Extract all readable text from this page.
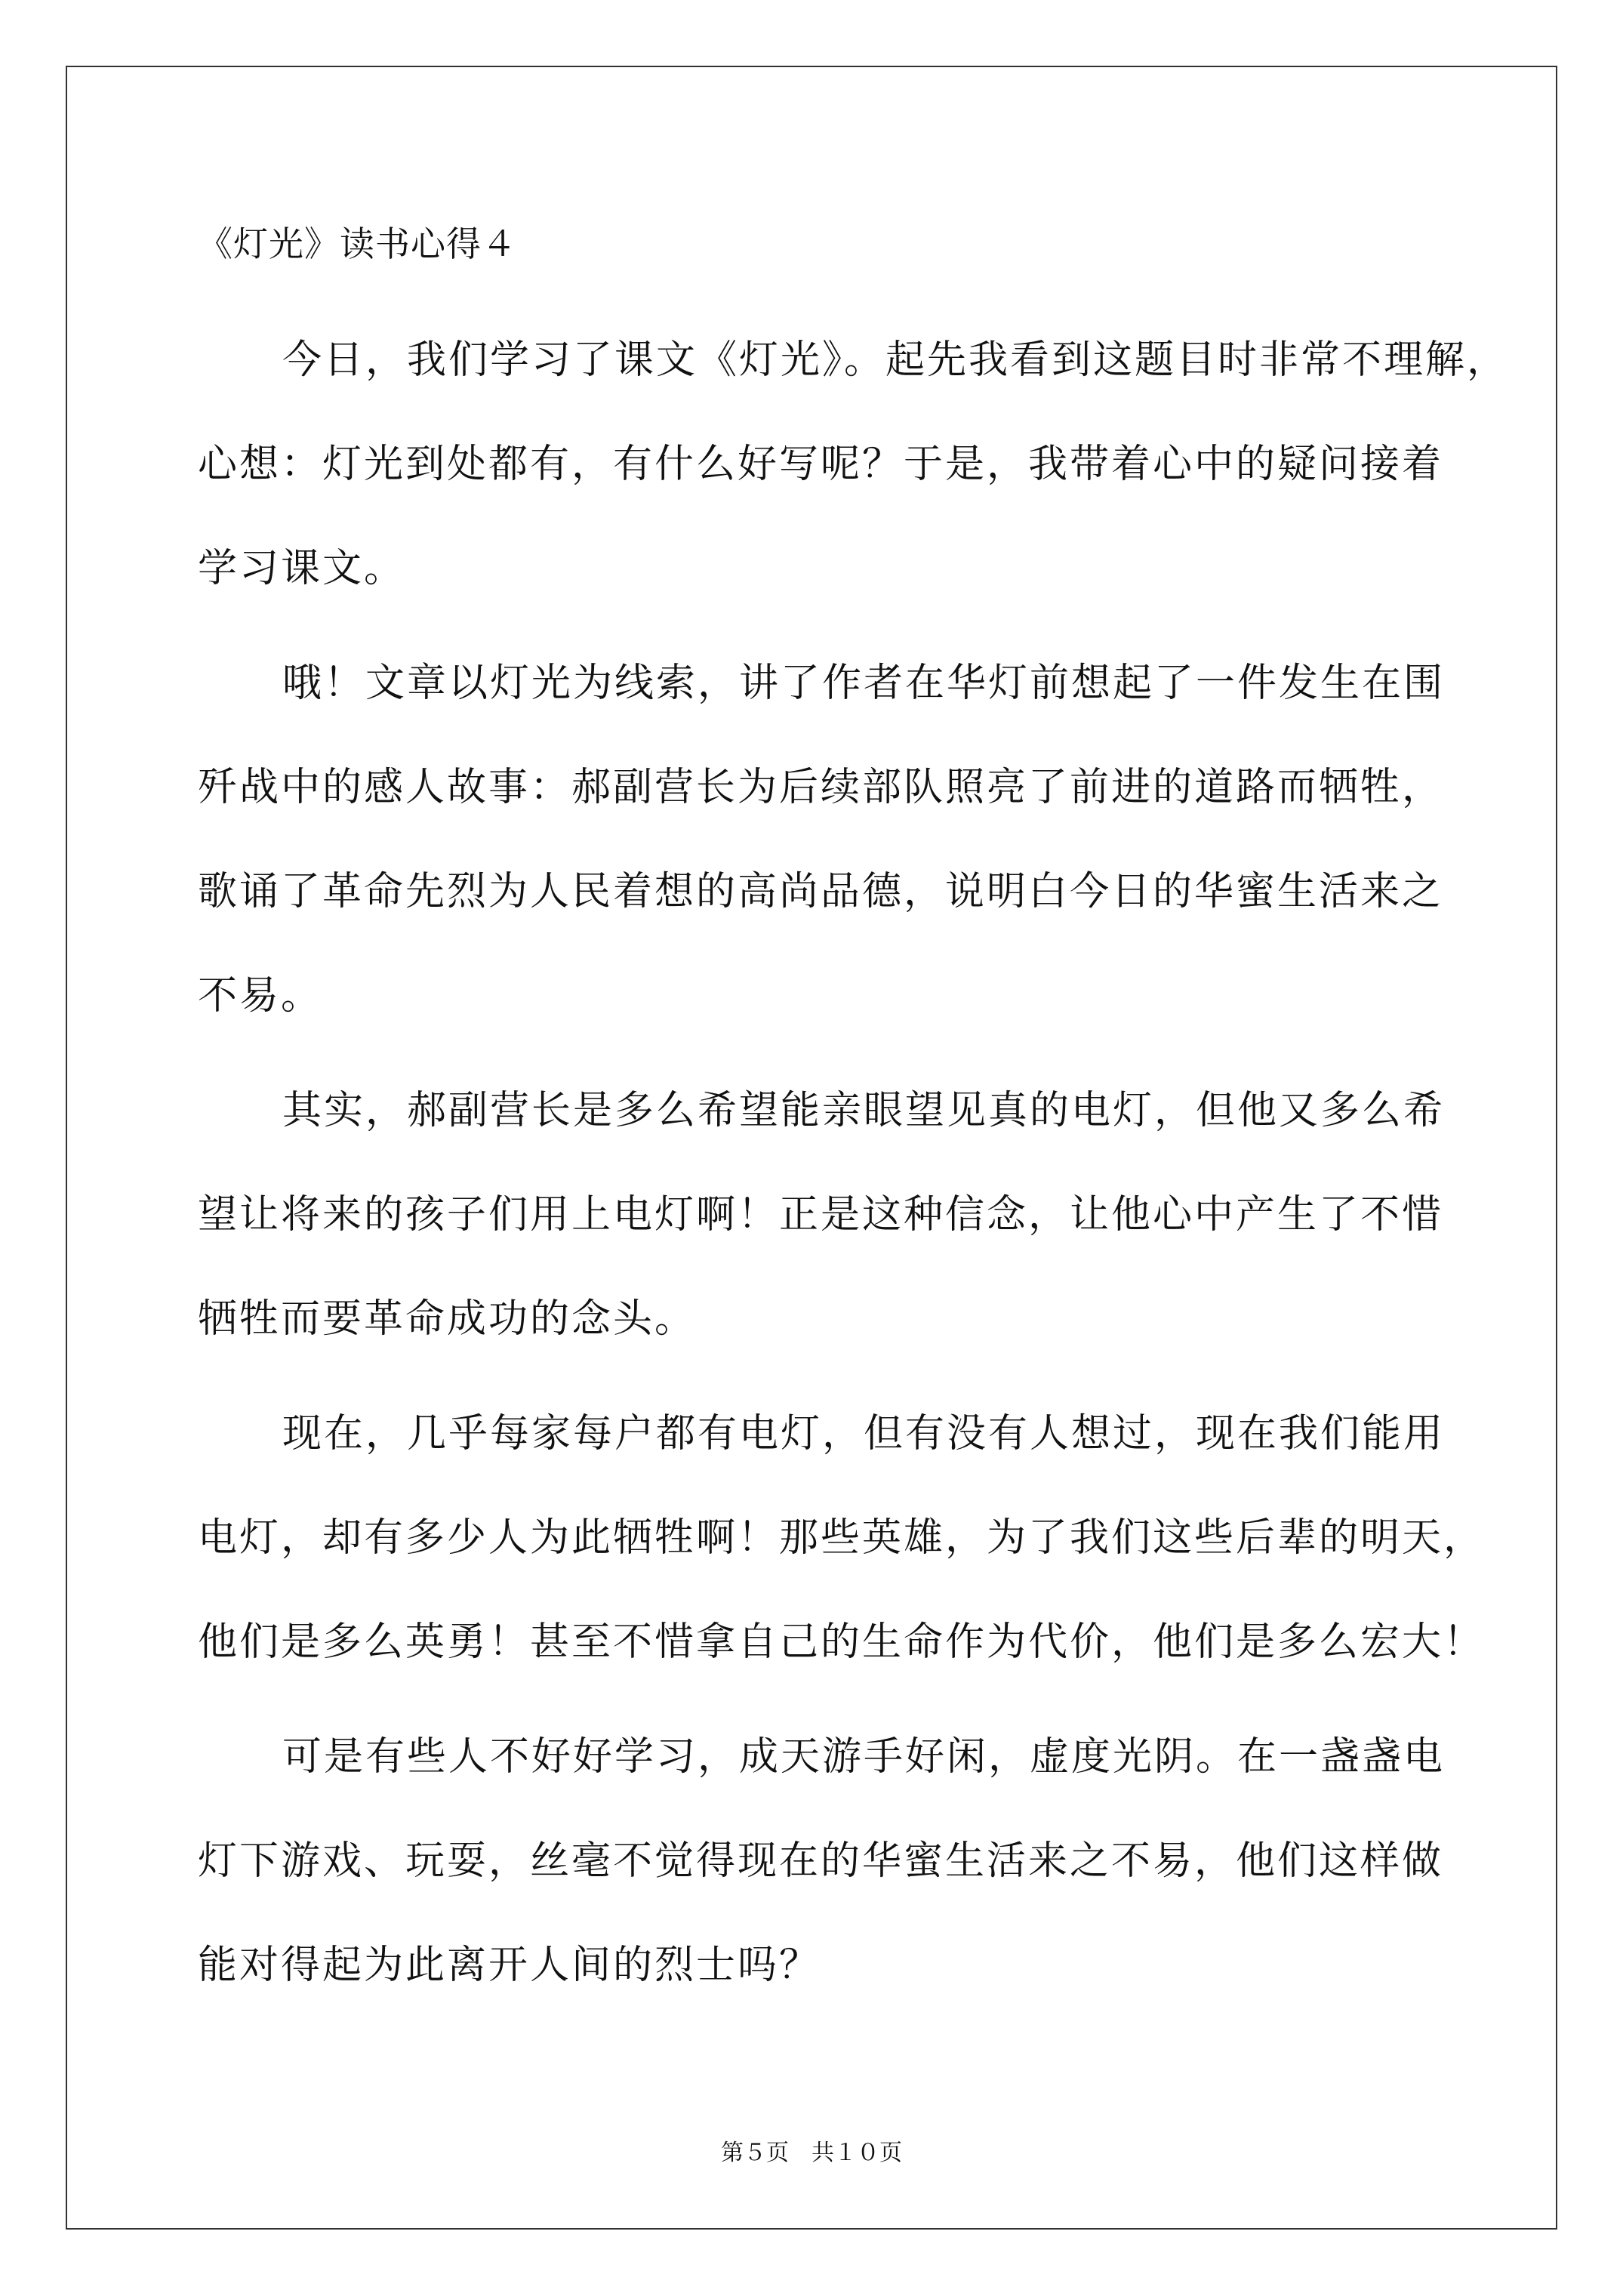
《灯光》读书心得４
今日，我们学习了课文《灯光》。起先我看到这题目时非常不理解，
心想：灯光到处都有，有什么好写呢？于是，我带着心中的疑问接着
学习课文。
哦！文章以灯光为线索，讲了作者在华灯前想起了一件发生在围
歼战中的感人故事：郝副营长为后续部队照亮了前进的道路而牺牲，
歌诵了革命先烈为人民着想的高尚品德，说明白今日的华蜜生活来之
不易。
其实，郝副营长是多么希望能亲眼望见真的电灯，但他又多么希
望让将来的孩子们用上电灯啊！正是这种信念，让他心中产生了不惜
牺牲而要革命成功的念头。
现在，几乎每家每户都有电灯，但有没有人想过，现在我们能用
电灯，却有多少人为此牺牲啊！那些英雄，为了我们这些后辈的明天，
他们是多么英勇！甚至不惜拿自己的生命作为代价，他们是多么宏大！
可是有些人不好好学习，成天游手好闲，虚度光阴。在一盏盏电
灯下游戏、玩耍，丝毫不觉得现在的华蜜生活来之不易，他们这样做
能对得起为此离开人间的烈士吗？
第５页　共１０页
